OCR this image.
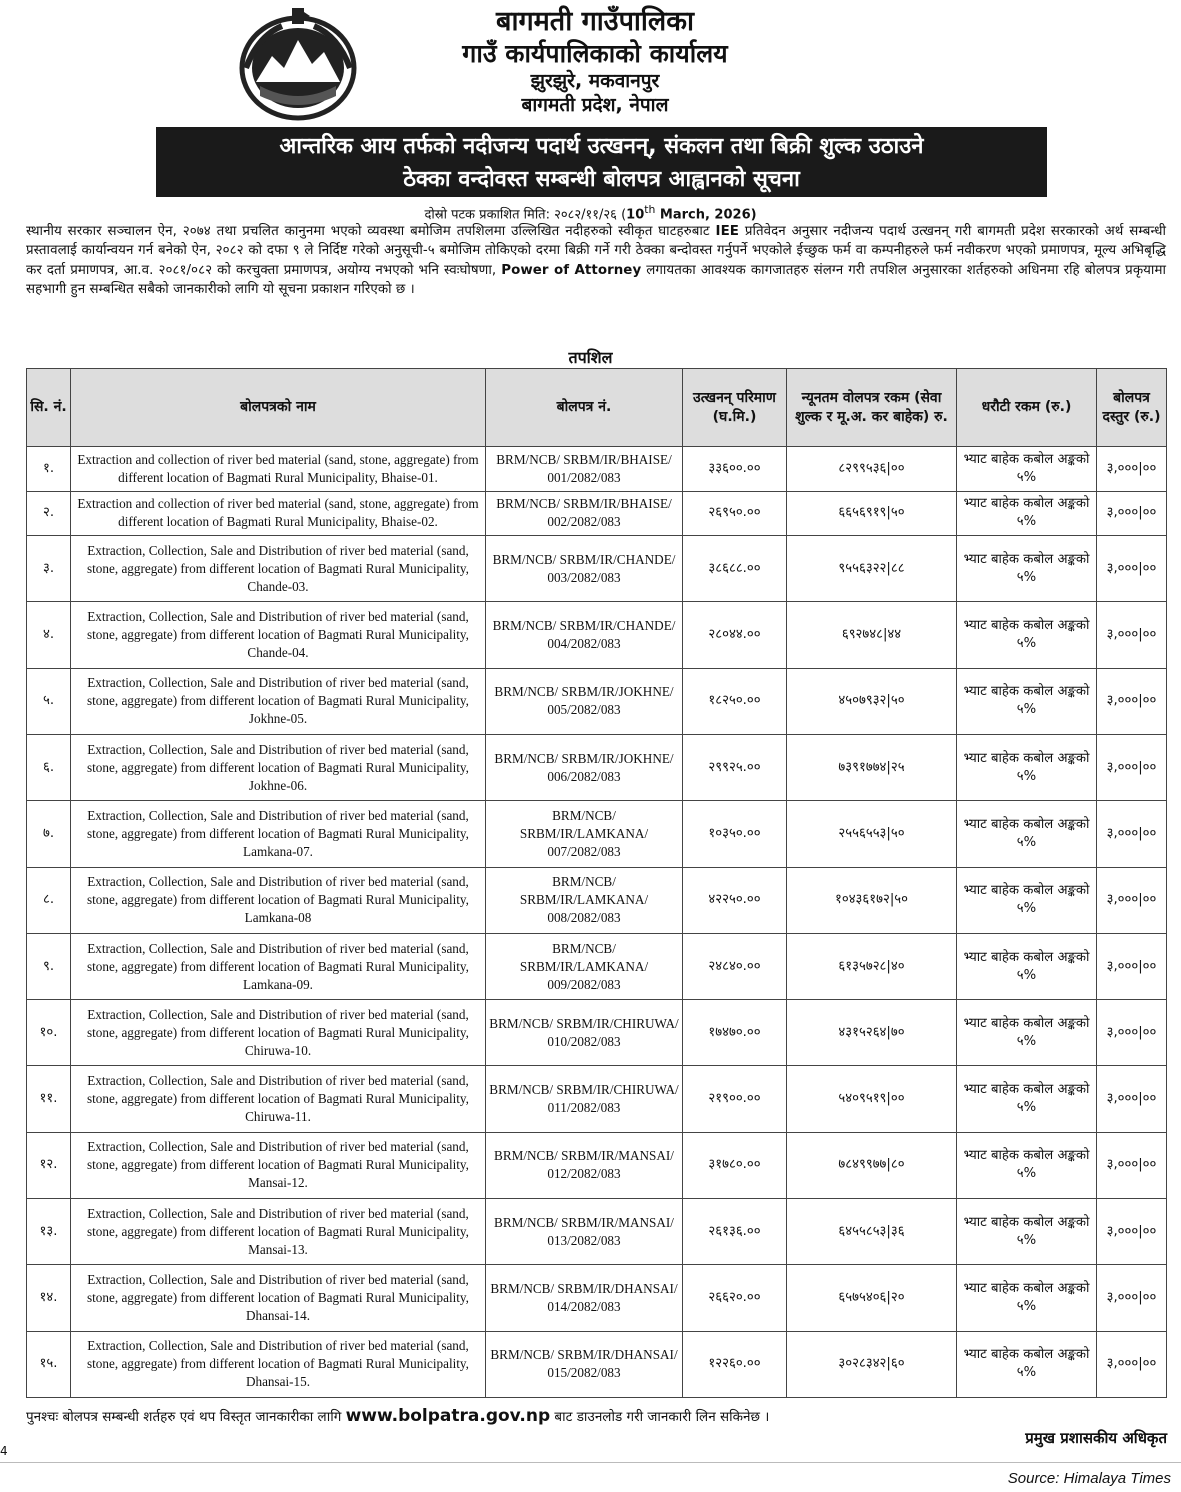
बागमती गाउँपालिका
गाउँ कार्यपालिकाको कार्यालय
झुरझुरे, मकवानपुर
बागमती प्रदेश, नेपाल
आन्तरिक आय तर्फको नदीजन्य पदार्थ उत्खनन्, संकलन तथा बिक्री शुल्क उठाउने
ठेक्का वन्दोवस्त सम्बन्धी बोलपत्र आह्वानको सूचना
दोस्रो पटक प्रकाशित मिति: २०८२/११/२६ (10th March, 2026)
स्थानीय सरकार सञ्चालन ऐन, २०७४ तथा प्रचलित कानुनमा भएको व्यवस्था बमोजिम तपशिलमा उल्लिखित नदीहरुको स्वीकृत घाटहरुबाट IEE प्रतिवेदन अनुसार नदीजन्य पदार्थ उत्खनन् गरी बागमती प्रदेश सरकारको अर्थ सम्बन्धी प्रस्तावलाई कार्यान्वयन गर्न बनेको ऐन, २०८२ को दफा ९ ले निर्दिष्ट गरेको अनुसूची-५ बमोजिम तोकिएको दरमा बिक्री गर्ने गरी ठेक्का बन्दोवस्त गर्नुपर्ने भएकोले ईच्छुक फर्म वा कम्पनीहरुले फर्म नवीकरण भएको प्रमाणपत्र, मूल्य अभिबृद्धि कर दर्ता प्रमाणपत्र, आ.व. २०८१/०८२ को करचुक्ता प्रमाणपत्र, अयोग्य नभएको भनि स्वःघोषणा, Power of Attorney लगायतका आवश्यक कागजातहरु संलग्न गरी तपशिल अनुसारका शर्तहरुको अधिनमा रहि बोलपत्र प्रकृयामा सहभागी हुन सम्बन्धित सबैको जानकारीको लागि यो सूचना प्रकाशन गरिएको छ ।
तपशिल
सि. नं.	बोलपत्रको नाम	बोलपत्र नं.	उत्खनन् परिमाण (घ.मि.)	न्यूनतम वोलपत्र रकम (सेवा शुल्क र मू.अ. कर बाहेक) रु.	धरौटी रकम (रु.)	बोलपत्र दस्तुर (रु.)
१.	Extraction and collection of river bed material (sand, stone, aggregate) from different location of Bagmati Rural Municipality, Bhaise-01.	BRM/NCB/ SRBM/IR/BHAISE/ 001/2082/083	३३६००.००	८२९९५३६|००	भ्याट बाहेक कबोल अङ्कको ५%	३,०००|००
२.	Extraction and collection of river bed material (sand, stone, aggregate) from different location of Bagmati Rural Municipality, Bhaise-02.	BRM/NCB/ SRBM/IR/BHAISE/ 002/2082/083	२६९५०.००	६६५६९१९|५०	भ्याट बाहेक कबोल अङ्कको ५%	३,०००|००
३.	Extraction, Collection, Sale and Distribution of river bed material (sand, stone, aggregate) from different location of Bagmati Rural Municipality, Chande-03.	BRM/NCB/ SRBM/IR/CHANDE/ 003/2082/083	३८६८८.००	९५५६३२२|८८	भ्याट बाहेक कबोल अङ्कको ५%	३,०००|००
४.	Extraction, Collection, Sale and Distribution of river bed material (sand, stone, aggregate) from different location of Bagmati Rural Municipality, Chande-04.	BRM/NCB/ SRBM/IR/CHANDE/ 004/2082/083	२८०४४.००	६९२७४८|४४	भ्याट बाहेक कबोल अङ्कको ५%	३,०००|००
५.	Extraction, Collection, Sale and Distribution of river bed material (sand, stone, aggregate) from different location of Bagmati Rural Municipality, Jokhne-05.	BRM/NCB/ SRBM/IR/JOKHNE/ 005/2082/083	१८२५०.००	४५०७९३२|५०	भ्याट बाहेक कबोल अङ्कको ५%	३,०००|००
६.	Extraction, Collection, Sale and Distribution of river bed material (sand, stone, aggregate) from different location of Bagmati Rural Municipality, Jokhne-06.	BRM/NCB/ SRBM/IR/JOKHNE/ 006/2082/083	२९९२५.००	७३९१७७४|२५	भ्याट बाहेक कबोल अङ्कको ५%	३,०००|००
७.	Extraction, Collection, Sale and Distribution of river bed material (sand, stone, aggregate) from different location of Bagmati Rural Municipality, Lamkana-07.	BRM/NCB/ SRBM/IR/LAMKANA/ 007/2082/083	१०३५०.००	२५५६५५३|५०	भ्याट बाहेक कबोल अङ्कको ५%	३,०००|००
८.	Extraction, Collection, Sale and Distribution of river bed material (sand, stone, aggregate) from different location of Bagmati Rural Municipality, Lamkana-08	BRM/NCB/ SRBM/IR/LAMKANA/ 008/2082/083	४२२५०.००	१०४३६१७२|५०	भ्याट बाहेक कबोल अङ्कको ५%	३,०००|००
९.	Extraction, Collection, Sale and Distribution of river bed material (sand, stone, aggregate) from different location of Bagmati Rural Municipality, Lamkana-09.	BRM/NCB/ SRBM/IR/LAMKANA/ 009/2082/083	२४८४०.००	६१३५७२८|४०	भ्याट बाहेक कबोल अङ्कको ५%	३,०००|००
१०.	Extraction, Collection, Sale and Distribution of river bed material (sand, stone, aggregate) from different location of Bagmati Rural Municipality, Chiruwa-10.	BRM/NCB/ SRBM/IR/CHIRUWA/ 010/2082/083	१७४७०.००	४३१५२६४|७०	भ्याट बाहेक कबोल अङ्कको ५%	३,०००|००
११.	Extraction, Collection, Sale and Distribution of river bed material (sand, stone, aggregate) from different location of Bagmati Rural Municipality, Chiruwa-11.	BRM/NCB/ SRBM/IR/CHIRUWA/ 011/2082/083	२१९००.००	५४०९५१९|००	भ्याट बाहेक कबोल अङ्कको ५%	३,०००|००
१२.	Extraction, Collection, Sale and Distribution of river bed material (sand, stone, aggregate) from different location of Bagmati Rural Municipality, Mansai-12.	BRM/NCB/ SRBM/IR/MANSAI/ 012/2082/083	३१७८०.००	७८४९९७७|८०	भ्याट बाहेक कबोल अङ्कको ५%	३,०००|००
१३.	Extraction, Collection, Sale and Distribution of river bed material (sand, stone, aggregate) from different location of Bagmati Rural Municipality, Mansai-13.	BRM/NCB/ SRBM/IR/MANSAI/ 013/2082/083	२६१३६.००	६४५५८५३|३६	भ्याट बाहेक कबोल अङ्कको ५%	३,०००|००
१४.	Extraction, Collection, Sale and Distribution of river bed material (sand, stone, aggregate) from different location of Bagmati Rural Municipality, Dhansai-14.	BRM/NCB/ SRBM/IR/DHANSAI/ 014/2082/083	२६६२०.००	६५७५४०६|२०	भ्याट बाहेक कबोल अङ्कको ५%	३,०००|००
१५.	Extraction, Collection, Sale and Distribution of river bed material (sand, stone, aggregate) from different location of Bagmati Rural Municipality, Dhansai-15.	BRM/NCB/ SRBM/IR/DHANSAI/ 015/2082/083	१२२६०.००	३०२८३४२|६०	भ्याट बाहेक कबोल अङ्कको ५%	३,०००|००
पुनश्चः बोलपत्र सम्बन्धी शर्तहरु एवं थप विस्तृत जानकारीका लागि www.bolpatra.gov.np बाट डाउनलोड गरी जानकारी लिन सकिनेछ ।
प्रमुख प्रशासकीय अधिकृत
4
Source: Himalaya Times
